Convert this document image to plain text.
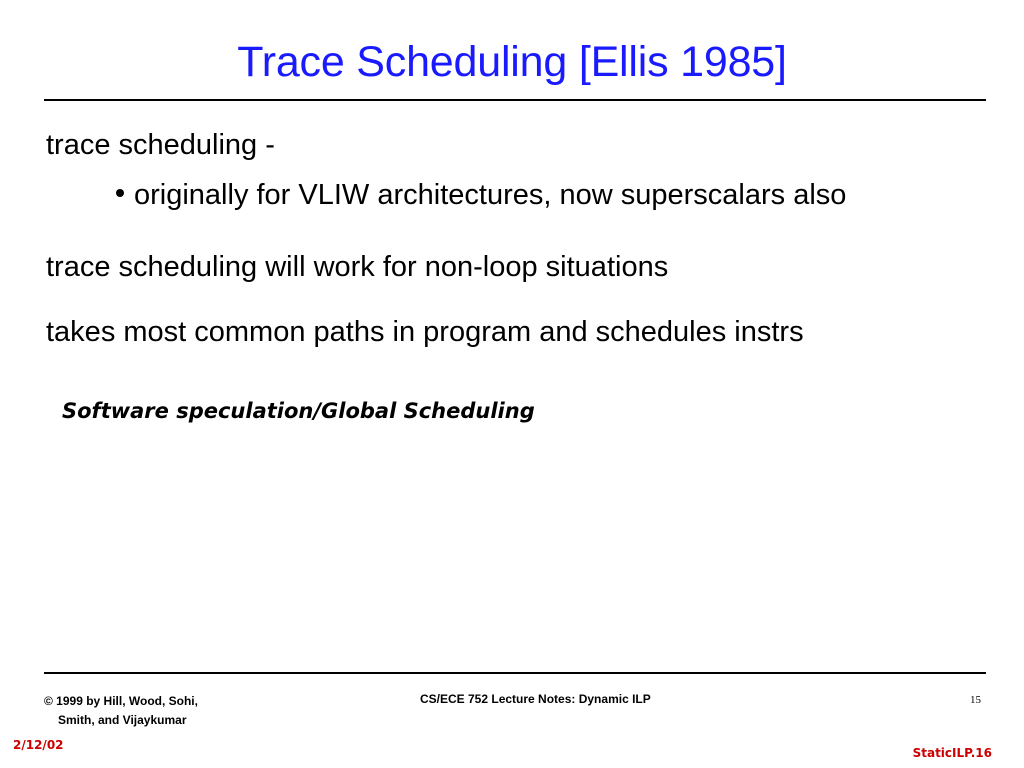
Trace Scheduling [Ellis 1985]
trace scheduling -
originally for VLIW architectures, now superscalars also
trace scheduling will work for non-loop situations
takes most common paths in program and schedules instrs
Software speculation/Global Scheduling
© 1999 by Hill, Wood, Sohi,
Smith, and Vijaykumar
CS/ECE 752 Lecture Notes: Dynamic ILP	15
2/12/02
StaticILP.16
